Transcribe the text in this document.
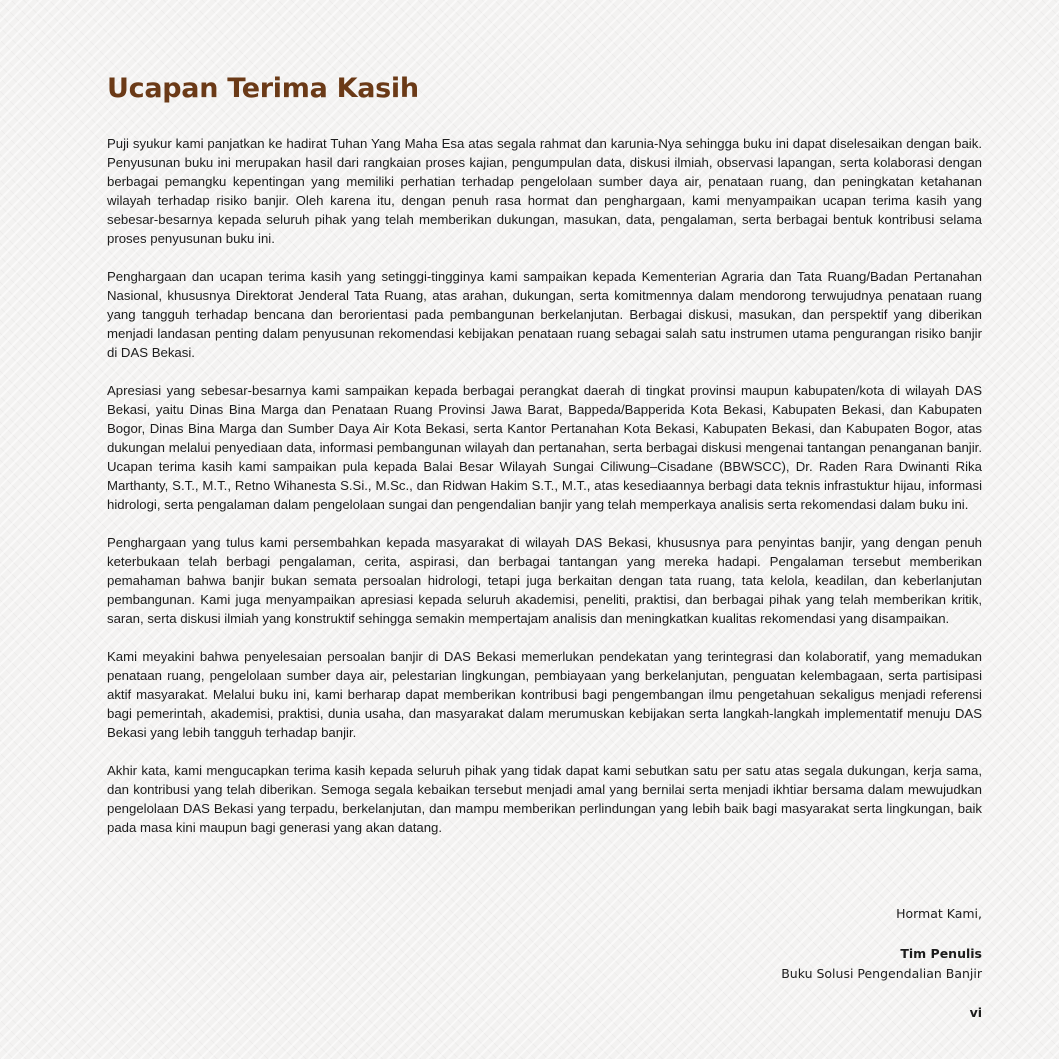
Ucapan Terima Kasih

Puji syukur kami panjatkan ke hadirat Tuhan Yang Maha Esa atas segala rahmat dan karunia-Nya sehingga buku ini dapat diselesaikan dengan baik. Penyusunan buku ini merupakan hasil dari rangkaian proses kajian, pengumpulan data, diskusi ilmiah, observasi lapangan, serta kolaborasi dengan berbagai pemangku kepentingan yang memiliki perhatian terhadap pengelolaan sumber daya air, penataan ruang, dan peningkatan ketahanan wilayah terhadap risiko banjir. Oleh karena itu, dengan penuh rasa hormat dan penghargaan, kami menyampaikan ucapan terima kasih yang sebesar-besarnya kepada seluruh pihak yang telah memberikan dukungan, masukan, data, pengalaman, serta berbagai bentuk kontribusi selama proses penyusunan buku ini.

Penghargaan dan ucapan terima kasih yang setinggi-tingginya kami sampaikan kepada Kementerian Agraria dan Tata Ruang/Badan Pertanahan Nasional, khususnya Direktorat Jenderal Tata Ruang, atas arahan, dukungan, serta komitmennya dalam mendorong terwujudnya penataan ruang yang tangguh terhadap bencana dan berorientasi pada pembangunan berkelanjutan. Berbagai diskusi, masukan, dan perspektif yang diberikan menjadi landasan penting dalam penyusunan rekomendasi kebijakan penataan ruang sebagai salah satu instrumen utama pengurangan risiko banjir di DAS Bekasi.

Apresiasi yang sebesar-besarnya kami sampaikan kepada berbagai perangkat daerah di tingkat provinsi maupun kabupaten/kota di wilayah DAS Bekasi, yaitu Dinas Bina Marga dan Penataan Ruang Provinsi Jawa Barat, Bappeda/Bapperida Kota Bekasi, Kabupaten Bekasi, dan Kabupaten Bogor, Dinas Bina Marga dan Sumber Daya Air Kota Bekasi, serta Kantor Pertanahan Kota Bekasi, Kabupaten Bekasi, dan Kabupaten Bogor, atas dukungan melalui penyediaan data, informasi pembangunan wilayah dan pertanahan, serta berbagai diskusi mengenai tantangan penanganan banjir. Ucapan terima kasih kami sampaikan pula kepada Balai Besar Wilayah Sungai Ciliwung–Cisadane (BBWSCC), Dr. Raden Rara Dwinanti Rika Marthanty, S.T., M.T., Retno Wihanesta S.Si., M.Sc., dan Ridwan Hakim S.T., M.T., atas kesediaannya berbagi data teknis infrastuktur hijau, informasi hidrologi, serta pengalaman dalam pengelolaan sungai dan pengendalian banjir yang telah memperkaya analisis serta rekomendasi dalam buku ini.

Penghargaan yang tulus kami persembahkan kepada masyarakat di wilayah DAS Bekasi, khususnya para penyintas banjir, yang dengan penuh keterbukaan telah berbagi pengalaman, cerita, aspirasi, dan berbagai tantangan yang mereka hadapi. Pengalaman tersebut memberikan pemahaman bahwa banjir bukan semata persoalan hidrologi, tetapi juga berkaitan dengan tata ruang, tata kelola, keadilan, dan keberlanjutan pembangunan. Kami juga menyampaikan apresiasi kepada seluruh akademisi, peneliti, praktisi, dan berbagai pihak yang telah memberikan kritik, saran, serta diskusi ilmiah yang konstruktif sehingga semakin mempertajam analisis dan meningkatkan kualitas rekomendasi yang disampaikan.

Kami meyakini bahwa penyelesaian persoalan banjir di DAS Bekasi memerlukan pendekatan yang terintegrasi dan kolaboratif, yang memadukan penataan ruang, pengelolaan sumber daya air, pelestarian lingkungan, pembiayaan yang berkelanjutan, penguatan kelembagaan, serta partisipasi aktif masyarakat. Melalui buku ini, kami berharap dapat memberikan kontribusi bagi pengembangan ilmu pengetahuan sekaligus menjadi referensi bagi pemerintah, akademisi, praktisi, dunia usaha, dan masyarakat dalam merumuskan kebijakan serta langkah-langkah implementatif menuju DAS Bekasi yang lebih tangguh terhadap banjir.

Akhir kata, kami mengucapkan terima kasih kepada seluruh pihak yang tidak dapat kami sebutkan satu per satu atas segala dukungan, kerja sama, dan kontribusi yang telah diberikan. Semoga segala kebaikan tersebut menjadi amal yang bernilai serta menjadi ikhtiar bersama dalam mewujudkan pengelolaan DAS Bekasi yang terpadu, berkelanjutan, dan mampu memberikan perlindungan yang lebih baik bagi masyarakat serta lingkungan, baik pada masa kini maupun bagi generasi yang akan datang.

Hormat Kami,
Tim Penulis
Buku Solusi Pengendalian Banjir
vi
